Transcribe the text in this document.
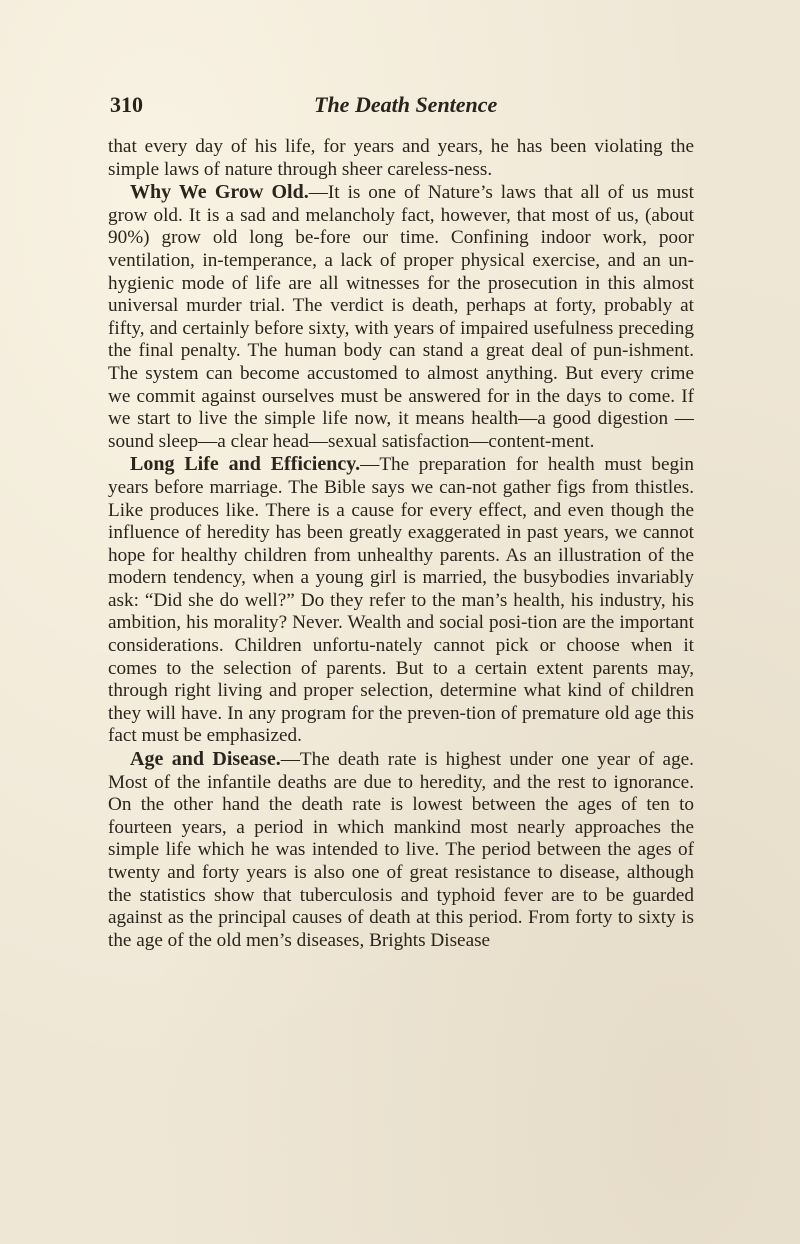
310	The Death Sentence

that every day of his life, for years and years, he has been violating the simple laws of nature through sheer careless-ness.

Why We Grow Old.—It is one of Nature’s laws that all of us must grow old. It is a sad and melancholy fact, however, that most of us, (about 90%) grow old long be-fore our time. Confining indoor work, poor ventilation, in-temperance, a lack of proper physical exercise, and an un-hygienic mode of life are all witnesses for the prosecution in this almost universal murder trial. The verdict is death, perhaps at forty, probably at fifty, and certainly before sixty, with years of impaired usefulness preceding the final penalty. The human body can stand a great deal of pun-ishment. The system can become accustomed to almost anything. But every crime we commit against ourselves must be answered for in the days to come. If we start to live the simple life now, it means health—a good digestion —sound sleep—a clear head—sexual satisfaction—content-ment.

Long Life and Efficiency.—The preparation for health must begin years before marriage. The Bible says we can-not gather figs from thistles. Like produces like. There is a cause for every effect, and even though the influence of heredity has been greatly exaggerated in past years, we cannot hope for healthy children from unhealthy parents. As an illustration of the modern tendency, when a young girl is married, the busybodies invariably ask: “Did she do well?” Do they refer to the man’s health, his industry, his ambition, his morality? Never. Wealth and social posi-tion are the important considerations. Children unfortu-nately cannot pick or choose when it comes to the selection of parents. But to a certain extent parents may, through right living and proper selection, determine what kind of children they will have. In any program for the preven-tion of premature old age this fact must be emphasized.

Age and Disease.—The death rate is highest under one year of age. Most of the infantile deaths are due to heredity, and the rest to ignorance. On the other hand the death rate is lowest between the ages of ten to fourteen years, a period in which mankind most nearly approaches the simple life which he was intended to live. The period between the ages of twenty and forty years is also one of great resistance to disease, although the statistics show that tuberculosis and typhoid fever are to be guarded against as the principal causes of death at this period. From forty to sixty is the age of the old men’s diseases, Brights Disease
